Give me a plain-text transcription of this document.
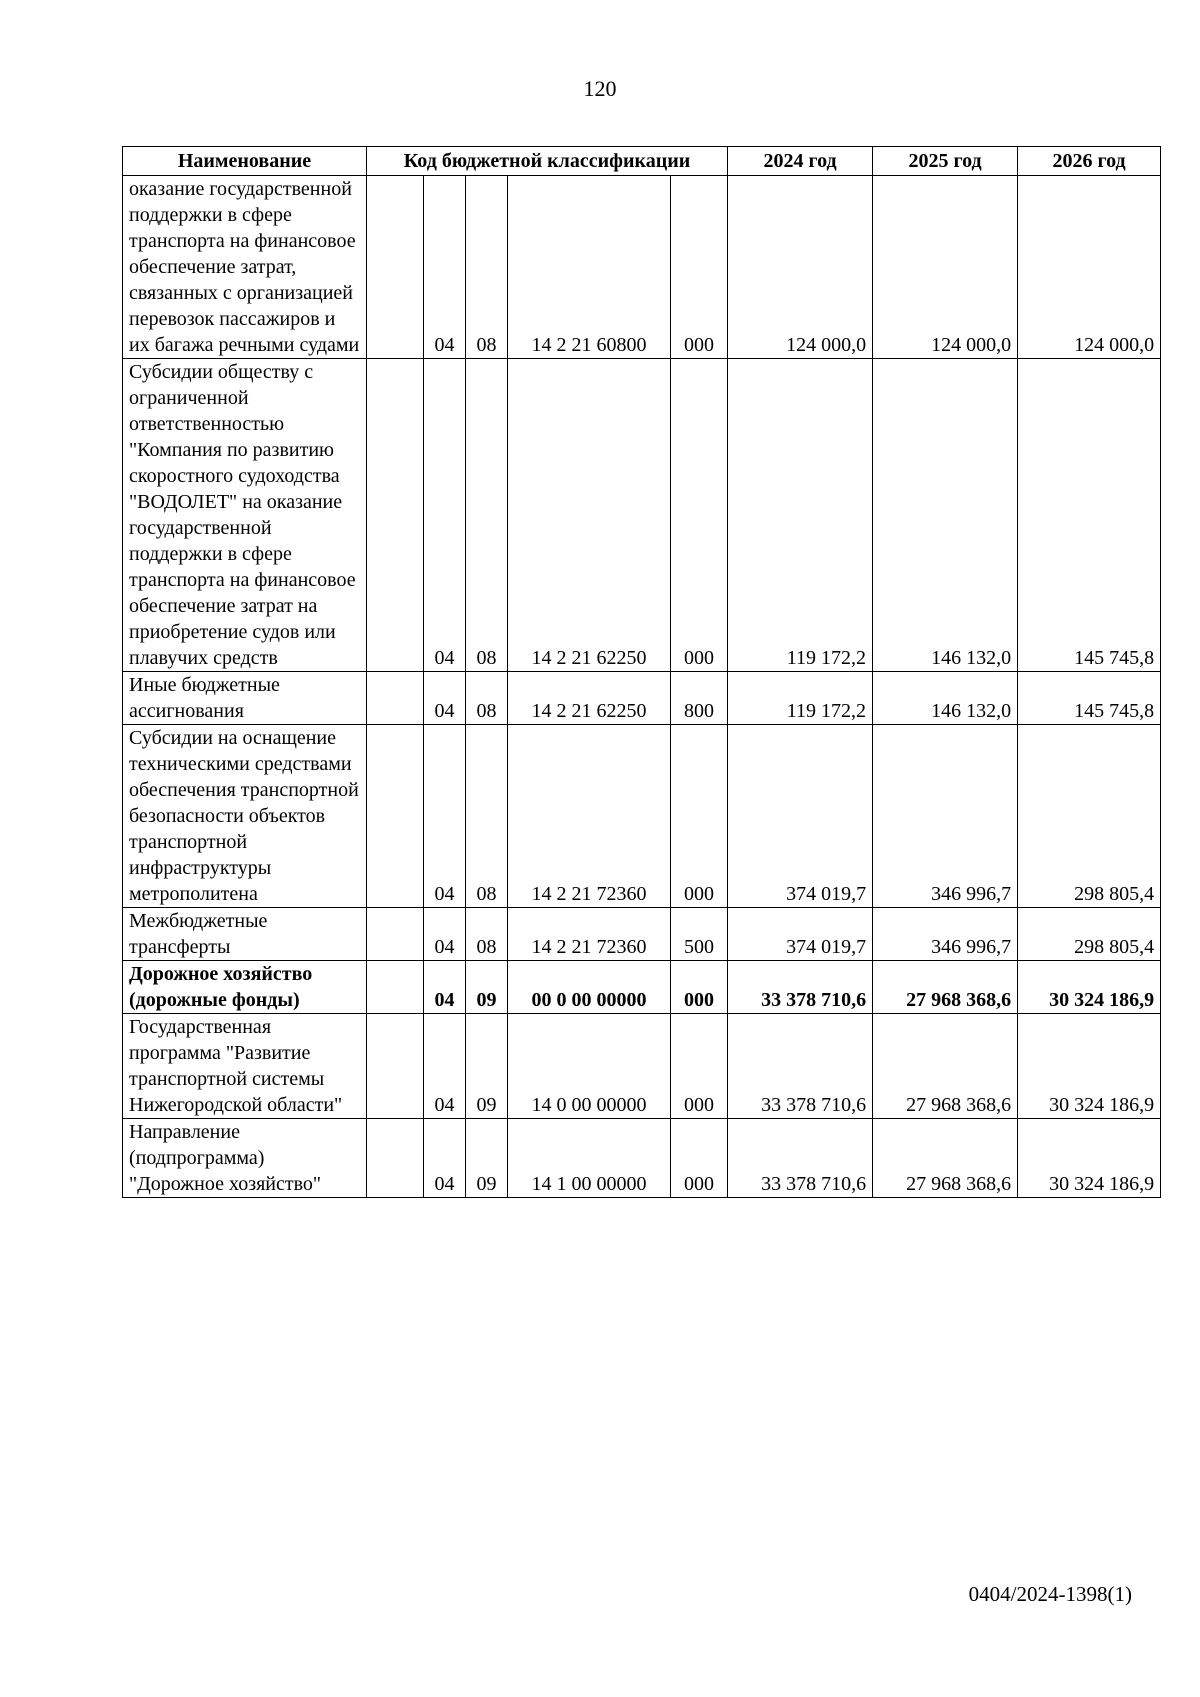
120
Наименование	Код бюджетной классификации					2024 год	2025 год	2026 год
оказание государственной поддержки в сфере транспорта на финансовое обеспечение затрат, связанных с организацией перевозок пассажиров и их багажа речными судами		04	08	14 2 21 60800	000	124 000,0	124 000,0	124 000,0
Субсидии обществу с ограниченной ответственностью "Компания по развитию скоростного судоходства "ВОДОЛЕТ" на оказание государственной поддержки в сфере транспорта на финансовое обеспечение затрат на приобретение судов или плавучих средств		04	08	14 2 21 62250	000	119 172,2	146 132,0	145 745,8
Иные бюджетные ассигнования		04	08	14 2 21 62250	800	119 172,2	146 132,0	145 745,8
Субсидии на оснащение техническими средствами обеспечения транспортной безопасности объектов транспортной инфраструктуры метрополитена		04	08	14 2 21 72360	000	374 019,7	346 996,7	298 805,4
Межбюджетные трансферты		04	08	14 2 21 72360	500	374 019,7	346 996,7	298 805,4
Дорожное хозяйство (дорожные фонды)		04	09	00 0 00 00000	000	33 378 710,6	27 968 368,6	30 324 186,9
Государственная программа "Развитие транспортной системы Нижегородской области"		04	09	14 0 00 00000	000	33 378 710,6	27 968 368,6	30 324 186,9
Направление (подпрограмма) "Дорожное хозяйство"		04	09	14 1 00 00000	000	33 378 710,6	27 968 368,6	30 324 186,9
0404/2024-1398(1)
